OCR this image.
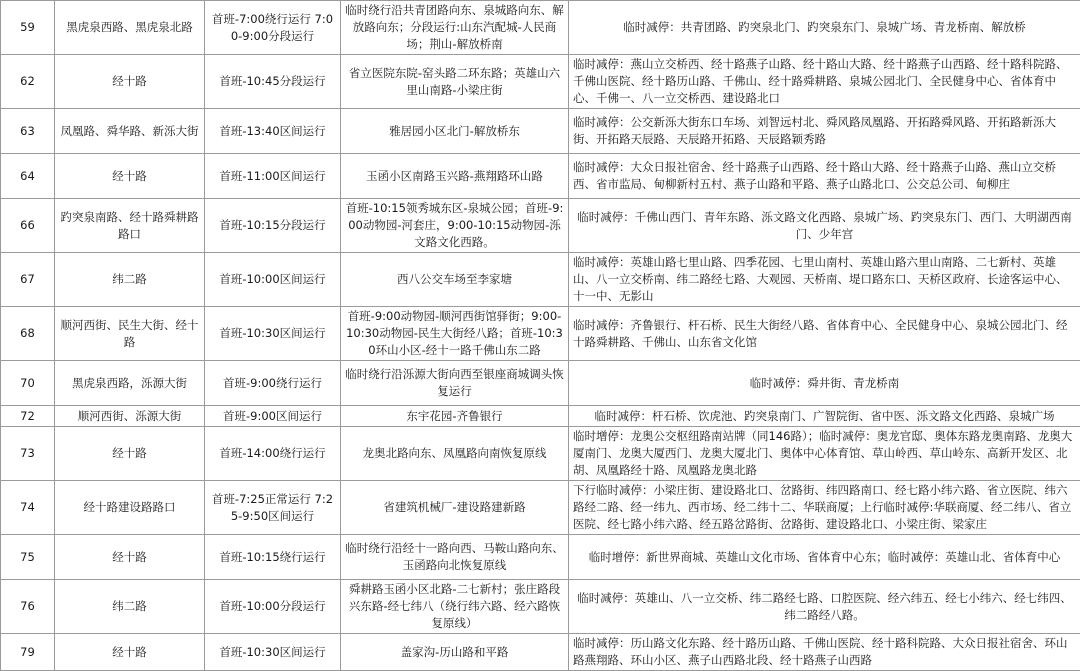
59	黑虎泉西路、黑虎泉北路	首班-7:00绕行运行 7:00-9:00分段运行	临时绕行沿共青团路向东、泉城路向东、解放路向东；分段运行:山东汽配城-人民商场；荆山-解放桥南	临时减停：共青团路、趵突泉北门、趵突泉东门、泉城广场、青龙桥南、解放桥
62	经十路	首班-10:45分段运行	省立医院东院-窑头路二环东路；英雄山六里山南路-小梁庄街	临时减停：燕山立交桥西、经十路燕子山路、经十路山大路、经十路燕子山西路、经十路科院路、千佛山医院、经十路历山路、千佛山、经十路舜耕路、泉城公园北门、全民健身中心、省体育中心、千佛一、八一立交桥西、建设路北口
63	凤凰路、舜华路、新泺大街	首班-13:40区间运行	雅居园小区北门-解放桥东	临时减停：公交新泺大街东口车场、刘智远村北、舜风路凤凰路、开拓路舜风路、开拓路新泺大街、开拓路天辰路、天辰路开拓路、天辰路颖秀路
64	经十路	首班-11:00区间运行	玉函小区南路玉兴路-燕翔路环山路	临时减停：大众日报社宿舍、经十路燕子山西路、经十路山大路、经十路燕子山路、燕山立交桥西、省市监局、甸柳新村五村、燕子山路和平路、燕子山路北口、公交总公司、甸柳庄
66	趵突泉南路、经十路舜耕路路口	首班-10:15分段运行	首班-10:15领秀城东区-泉城公园；首班-9:00动物园-河套庄，9:00-10:15动物园-泺文路文化西路。	临时减停：千佛山西门、青年东路、泺文路文化西路、泉城广场、趵突泉东门、西门、大明湖西南门、少年宫
67	纬二路	首班-10:00区间运行	西八公交车场至李家塘	临时减停：英雄山路七里山路、四季花园、七里山南村、英雄山路六里山南路、二七新村、英雄山、八一立交桥南、纬二路经七路、大观园、天桥南、堤口路东口、天桥区政府、长途客运中心、十一中、无影山
68	顺河西街、民生大街、经十路	首班-10:30区间运行	首班-9:00动物园-顺河西街馆驿街；9:00-10:30动物园-民生大街经八路；首班-10:30环山小区-经十一路千佛山东二路	临时减停：齐鲁银行、杆石桥、民生大街经八路、省体育中心、全民健身中心、泉城公园北门、经十路舜耕路、千佛山、山东省文化馆
70	黑虎泉西路，泺源大街	首班-9:00绕行运行	临时绕行沿泺源大街向西至银座商城调头恢复运行	临时减停：舜井街、青龙桥南
72	顺河西街、泺源大街	首班-9:00区间运行	东宇花园-齐鲁银行	临时减停：杆石桥、饮虎池、趵突泉南门、广智院街、省中医、泺文路文化西路、泉城广场
73	经十路	首班-14:00绕行运行	龙奥北路向东、凤凰路向南恢复原线	临时增停：龙奥公交枢纽路南站牌（同146路）；临时减停：奥龙官邸、奥体东路龙奥南路、龙奥大厦南门、龙奥大厦西门、龙奥大厦北门、奥体中心体育馆、草山岭西、草山岭东、高新开发区、北胡、凤凰路经十路、凤凰路龙奥北路
74	经十路建设路路口	首班-7:25正常运行 7:25-9:50区间运行	省建筑机械厂-建设路建新路	下行临时减停：小梁庄街、建设路北口、岔路街、纬四路南口、经七路小纬六路、省立医院、纬六路经二路、经一纬九、西市场、经二纬十二、华联商厦；上行临时减停:华联商厦、经二纬八、省立医院、经七路小纬六路、经五路岔路街、岔路街、建设路北口、小梁庄街、梁家庄
75	经十路	首班-10:15绕行运行	临时绕行沿经十一路向西、马鞍山路向东、玉函路向北恢复原线	临时增停：新世界商城、英雄山文化市场、省体育中心东；临时减停：英雄山北、省体育中心
76	纬二路	首班-10:00分段运行	舜耕路玉函小区北路-二七新村；张庄路段兴东路-经七纬八（绕行纬六路、经六路恢复原线）	临时减停：英雄山、八一立交桥、纬二路经七路、口腔医院、经六纬五、经七小纬六、经七纬四、纬二路经八路。
79	经十路	首班-10:30区间运行	盖家沟-历山路和平路	临时减停：历山路文化东路、经十路历山路、千佛山医院、经十路科院路、大众日报社宿舍、环山路燕翔路、环山小区、燕子山西路北段、经十路燕子山西路
